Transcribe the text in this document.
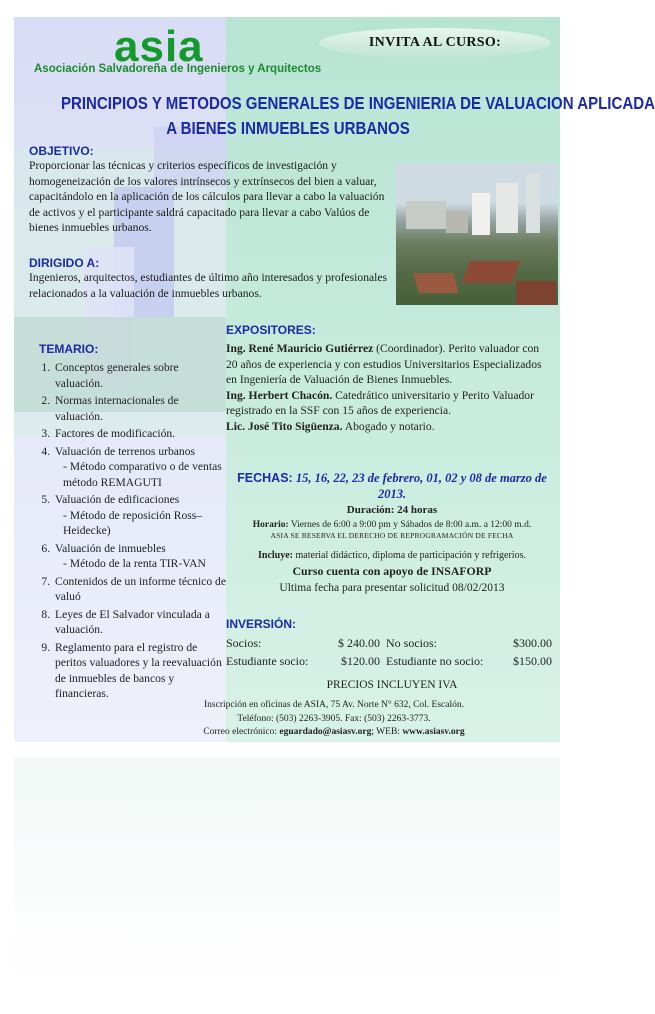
asia
Asociación Salvadoreña de Ingenieros y Arquitectos
INVITA AL CURSO:
PRINCIPIOS Y METODOS GENERALES DE INGENIERIA DE VALUACION APLICADA
A BIENES INMUEBLES URBANOS
OBJETIVO:
Proporcionar las técnicas y criterios específicos de investigación y homogeneización de los valores intrínsecos y extrínsecos del bien a valuar, capacitándolo en la aplicación de los cálculos para llevar a cabo la valuación de activos y el participante saldrá capacitado para llevar a cabo Valúos de bienes inmuebles urbanos.
DIRIGIDO A:
Ingenieros, arquitectos, estudiantes de último año interesados y profesionales relacionados a la valuación de inmuebles urbanos.
TEMARIO:
1. Conceptos generales sobre valuación.
2. Normas internacionales de valuación.
3. Factores de modificación.
4. Valuación de terrenos urbanos
- Método comparativo o de ventas método REMAGUTI
5. Valuación de edificaciones
- Método de reposición Ross– Heidecke)
6. Valuación de inmuebles
- Método de la renta TIR-VAN
7. Contenidos de un informe técnico de valuó
8. Leyes de El Salvador vinculada a valuación.
9. Reglamento para el registro de peritos valuadores y la reevaluación de inmuebles de bancos y financieras.
EXPOSITORES:
Ing. René Mauricio Gutiérrez (Coordinador). Perito valuador con 20 años de experiencia y con estudios Universitarios Especializados en Ingeniería de Valuación de Bienes Inmuebles.
Ing. Herbert Chacón. Catedrático universitario y Perito Valuador registrado en la SSF con 15 años de experiencia.
Lic. José Tito Sigüenza. Abogado y notario.
FECHAS: 15, 16, 22, 23 de febrero, 01, 02 y 08 de marzo de 2013.
Duración: 24 horas
Horario: Viernes de 6:00 a 9:00 pm y Sábados de 8:00 a.m. a 12:00 m.d.
ASIA SE RESERVA EL DERECHO DE REPROGRAMACIÓN DE FECHA
Incluye: material didáctico, diploma de participación y refrigerios.
Curso cuenta con apoyo de INSAFORP
Ultima fecha para presentar solicitud 08/02/2013
INVERSIÓN:
Socios:	$ 240.00	No socios:	$300.00
Estudiante socio:	$120.00	Estudiante no socio:	$150.00
PRECIOS INCLUYEN IVA
Inscripción en oficinas de ASIA, 75 Av. Norte N° 632, Col. Escalón.
Teléfono: (503) 2263-3905. Fax: (503) 2263-3773.
Correo electrónico: eguardado@asiasv.org; WEB: www.asiasv.org
